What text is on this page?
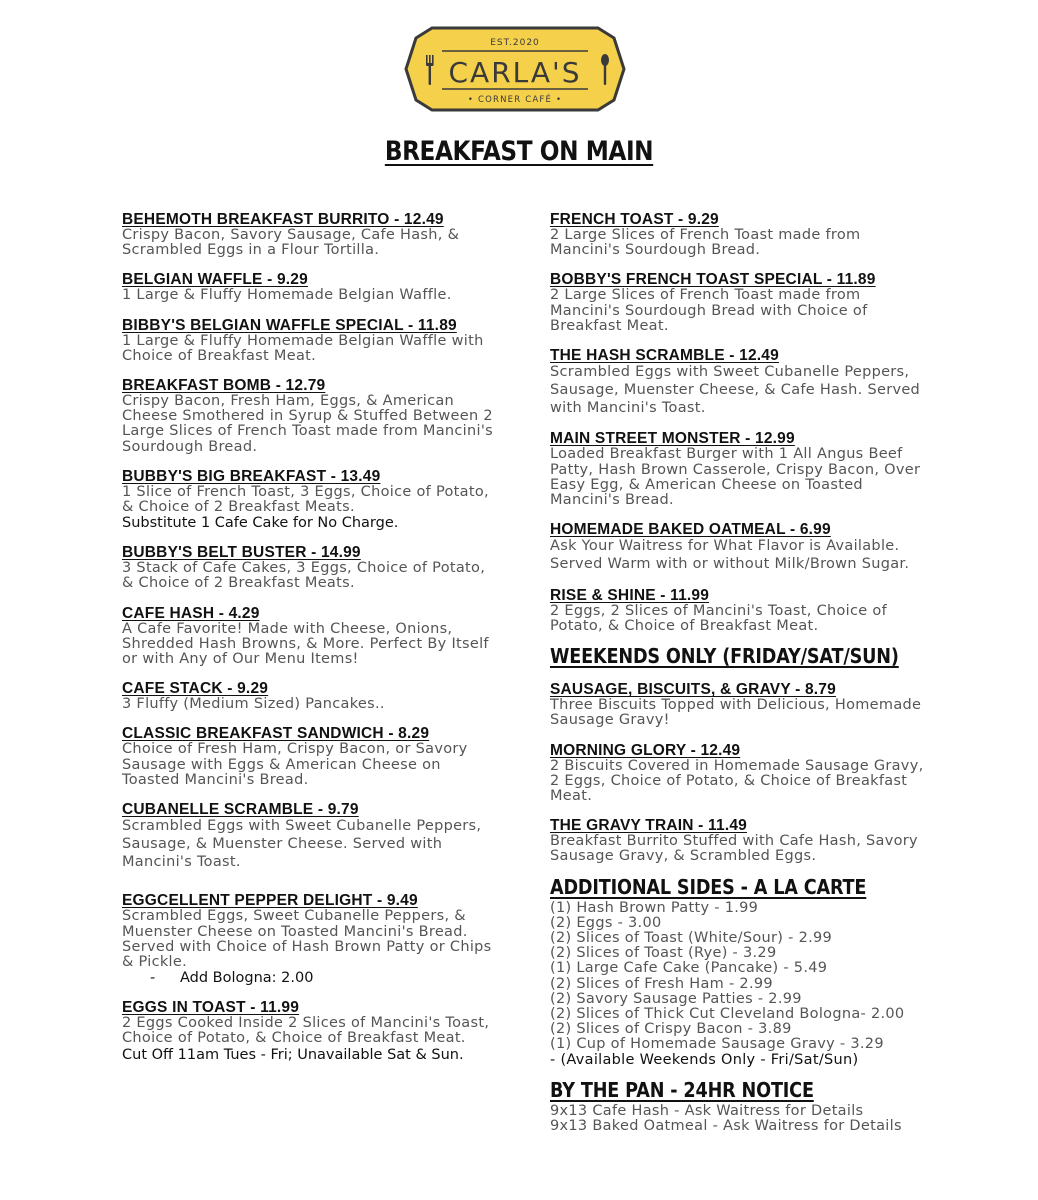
EST.2020
CARLA'S
• CORNER CAFÉ •
BREAKFAST ON MAIN
BEHEMOTH BREAKFAST BURRITO - 12.49
Crispy Bacon, Savory Sausage, Cafe Hash, & Scrambled Eggs in a Flour Tortilla.
BELGIAN WAFFLE - 9.29
1 Large & Fluffy Homemade Belgian Waffle.
BIBBY'S BELGIAN WAFFLE SPECIAL - 11.89
1 Large & Fluffy Homemade Belgian Waffle with Choice of Breakfast Meat.
BREAKFAST BOMB - 12.79
Crispy Bacon, Fresh Ham, Eggs, & American Cheese Smothered in Syrup & Stuffed Between 2 Large Slices of French Toast made from Mancini's Sourdough Bread.
BUBBY'S BIG BREAKFAST - 13.49
1 Slice of French Toast, 3 Eggs, Choice of Potato, & Choice of 2 Breakfast Meats.
Substitute 1 Cafe Cake for No Charge.
BUBBY'S BELT BUSTER - 14.99
3 Stack of Cafe Cakes, 3 Eggs, Choice of Potato, & Choice of 2 Breakfast Meats.
CAFE HASH - 4.29
A Cafe Favorite! Made with Cheese, Onions, Shredded Hash Browns, & More. Perfect By Itself or with Any of Our Menu Items!
CAFE STACK - 9.29
3 Fluffy (Medium Sized) Pancakes..
CLASSIC BREAKFAST SANDWICH - 8.29
Choice of Fresh Ham, Crispy Bacon, or Savory Sausage with Eggs & American Cheese on Toasted Mancini's Bread.
CUBANELLE SCRAMBLE - 9.79
Scrambled Eggs with Sweet Cubanelle Peppers, Sausage, & Muenster Cheese. Served with Mancini's Toast.
EGGCELLENT PEPPER DELIGHT - 9.49
Scrambled Eggs, Sweet Cubanelle Peppers, & Muenster Cheese on Toasted Mancini's Bread. Served with Choice of Hash Brown Patty or Chips & Pickle.
- Add Bologna: 2.00
EGGS IN TOAST - 11.99
2 Eggs Cooked Inside 2 Slices of Mancini's Toast, Choice of Potato, & Choice of Breakfast Meat.
Cut Off 11am Tues - Fri; Unavailable Sat & Sun.
FRENCH TOAST - 9.29
2 Large Slices of French Toast made from Mancini's Sourdough Bread.
BOBBY'S FRENCH TOAST SPECIAL - 11.89
2 Large Slices of French Toast made from Mancini's Sourdough Bread with Choice of Breakfast Meat.
THE HASH SCRAMBLE - 12.49
Scrambled Eggs with Sweet Cubanelle Peppers, Sausage, Muenster Cheese, & Cafe Hash. Served with Mancini's Toast.
MAIN STREET MONSTER - 12.99
Loaded Breakfast Burger with 1 All Angus Beef Patty, Hash Brown Casserole, Crispy Bacon, Over Easy Egg, & American Cheese on Toasted Mancini's Bread.
HOMEMADE BAKED OATMEAL - 6.99
Ask Your Waitress for What Flavor is Available. Served Warm with or without Milk/Brown Sugar.
RISE & SHINE - 11.99
2 Eggs, 2 Slices of Mancini's Toast, Choice of Potato, & Choice of Breakfast Meat.
WEEKENDS ONLY (FRIDAY/SAT/SUN)
SAUSAGE, BISCUITS, & GRAVY - 8.79
Three Biscuits Topped with Delicious, Homemade Sausage Gravy!
MORNING GLORY - 12.49
2 Biscuits Covered in Homemade Sausage Gravy, 2 Eggs, Choice of Potato, & Choice of Breakfast Meat.
THE GRAVY TRAIN - 11.49
Breakfast Burrito Stuffed with Cafe Hash, Savory Sausage Gravy, & Scrambled Eggs.
ADDITIONAL SIDES - A LA CARTE
(1) Hash Brown Patty - 1.99
(2) Eggs - 3.00
(2) Slices of Toast (White/Sour) - 2.99
(2) Slices of Toast (Rye) - 3.29
(1) Large Cafe Cake (Pancake) - 5.49
(2) Slices of Fresh Ham - 2.99
(2) Savory Sausage Patties - 2.99
(2) Slices of Thick Cut Cleveland Bologna- 2.00
(2) Slices of Crispy Bacon - 3.89
(1) Cup of Homemade Sausage Gravy - 3.29
- (Available Weekends Only - Fri/Sat/Sun)
BY THE PAN - 24HR NOTICE
9x13 Cafe Hash - Ask Waitress for Details
9x13 Baked Oatmeal - Ask Waitress for Details
